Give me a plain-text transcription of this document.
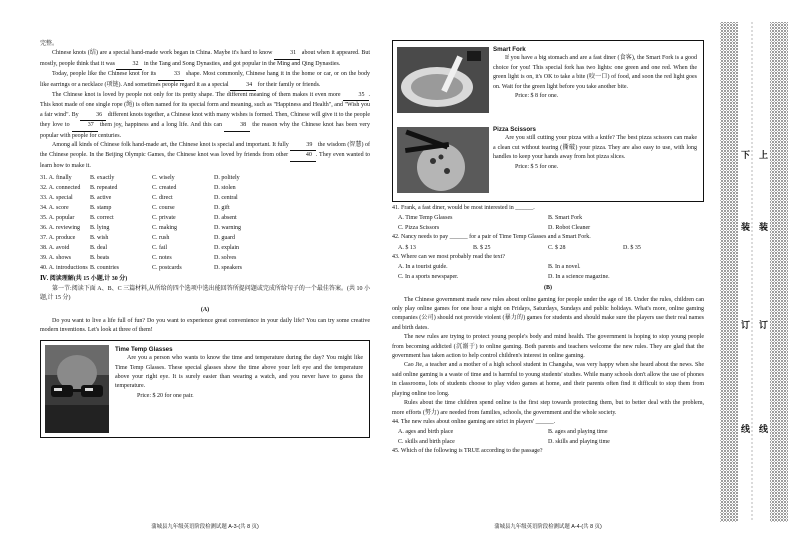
完整。

Chinese knots (结) are a special hand-made work began in China. Maybe it's hard to know	31 about when it appeared. But mostly, people think that it was	32 in the Tang and Song Dynasties, and got popular in the Ming and Qing Dynasties.

Today, people like the Chinese knot for its	33 shape. Most commonly, Chinese hang it in the home or car, or on the body like earrings or a necklace (项链). And sometimes people regard it as a special	34 for their family or friends.

The Chinese knot is loved by people not only for its pretty shape. The different meaning of them makes it even more	35 . This knot made of one single rope (绳) is often named for its special form and meaning, such as "Happiness and Health", and "Wish you a fair wind". By	36 different knots together, a Chinese knot with many wishes is formed. Then, Chinese will give it to the people they love to	37 them joy, happiness and a long life. And this can	38 the reason why the Chinese knot has been very popular with people for centuries.

Among all kinds of Chinese folk hand-made art, the Chinese knot is special and important. It fully	39 the wisdom (智慧) of the Chinese people. In the Beijing Olympic Games, the Chinese knot was loved by friends from other	40 . They even wanted to learn how to make it.

31. A. finally	B. exactly	C. wisely	D. politely
32. A. connected	B. repeated	C. created	D. stolen
33. A. special	B. active	C. direct	D. central
34. A. score	B. stamp	C. course	D. gift
35. A. popular	B. correct	C. private	D. absent
36. A. reviewing	B. lying	C. making	D. warning
37. A. produce	B. wish	C. rush	D. guard
38. A. avoid	B. deal	C. fail	D. explain
39. A. shows	B. beats	C. notes	D. solves
40. A. introductions B. countries	C. postcards	D. speakers

Ⅳ. 阅读理解(共 15 小题,计 30 分)

第一节:阅读下面 A、B、C 三篇材料,从所给的四个选项中选出能回答所提问题或完成所给句子的一个最佳答案。(共 10 小题,计 15 分)

(A)

Do you want to live a life full of fun? Do you want to experience great convenience in your daily life? You can try some creative modern inventions. Let's look at three of them!

Time Temp Glasses

Are you a person who wants to know the time and temperature during the day? You might like Time Temp Glasses. These special glasses show the time above your left eye and the temperature above your right eye. It is surely easier than wearing a watch, and you never have to guess the temperature.

Price: $ 20 for one pair.

蒲城县九年级英语阶段检测试题 A-3-(共 8 页)

Smart Fork

If you have a big stomach and are a fast diner (食客), the Smart Fork is a good choice for you! This special fork has two lights: one green and one red. When the green light is on, it's OK to take a bite (咬一口) of food, and soon the red light goes on. Wait for the green light before you take another bite.

Price: $ 8 for one.

Pizza Scissors

Are you still cutting your pizza with a knife? The best pizza scissors can make a clean cut without tearing (撕破) your pizza. They are also easy to use, with long handles to keep your hands away from hot pizza slices.

Price: $ 5 for one.

41. Frank, a fast diner, would be most interested in ______.

A. Time Temp Glasses	B. Smart Fork
C. Pizza Scissors	D. Robot Cleaner

42. Nancy needs to pay ______ for a pair of Time Temp Glasses and a Smart Fork.

A. $ 13	B. $ 25	C. $ 28	D. $ 35

43. Where can we most probably read the text?

A. In a tourist guide.	B. In a novel.
C. In a sports newspaper.	D. In a science magazine.

(B)

The Chinese government made new rules about online gaming for people under the age of 18. Under the rules, children can only play online games for one hour a night on Fridays, Saturdays, Sundays and public holidays. What's more, online gaming companies (公司) should not provide violent (暴力的) games for students and should make sure the players use their real names and birth dates.

The new rules are trying to protect young people's body and mind health. The government is hoping to stop young people from becoming addicted (沉溺于) to online gaming. Both parents and teachers welcome the new rules. They are glad that the government has taken action to help control children's interest in online gaming.

Cao Jie, a teacher and a mother of a high school student in Changsha, was very happy when she heard about the news. She said online gaming is a waste of time and is harmful to young students' studies. While many schools don't allow the use of phones in classrooms, lots of students choose to play video games at home, and their parents often find it difficult to stop them from playing online too long.

Rules about the time children spend online is the first step towards protecting them, but to better deal with the problem, more efforts (努力) are needed from families, schools, the government and the whole society.

44. The new rules about online gaming are strict in players' ______.

A. ages and birth place	B. ages and playing time
C. skills and birth place	D. skills and playing time

45. Which of the following is TRUE according to the passage?

蒲城县九年级英语阶段检测试题 A-4-(共 8 页)
下 上
装 装
订 订
线 线
